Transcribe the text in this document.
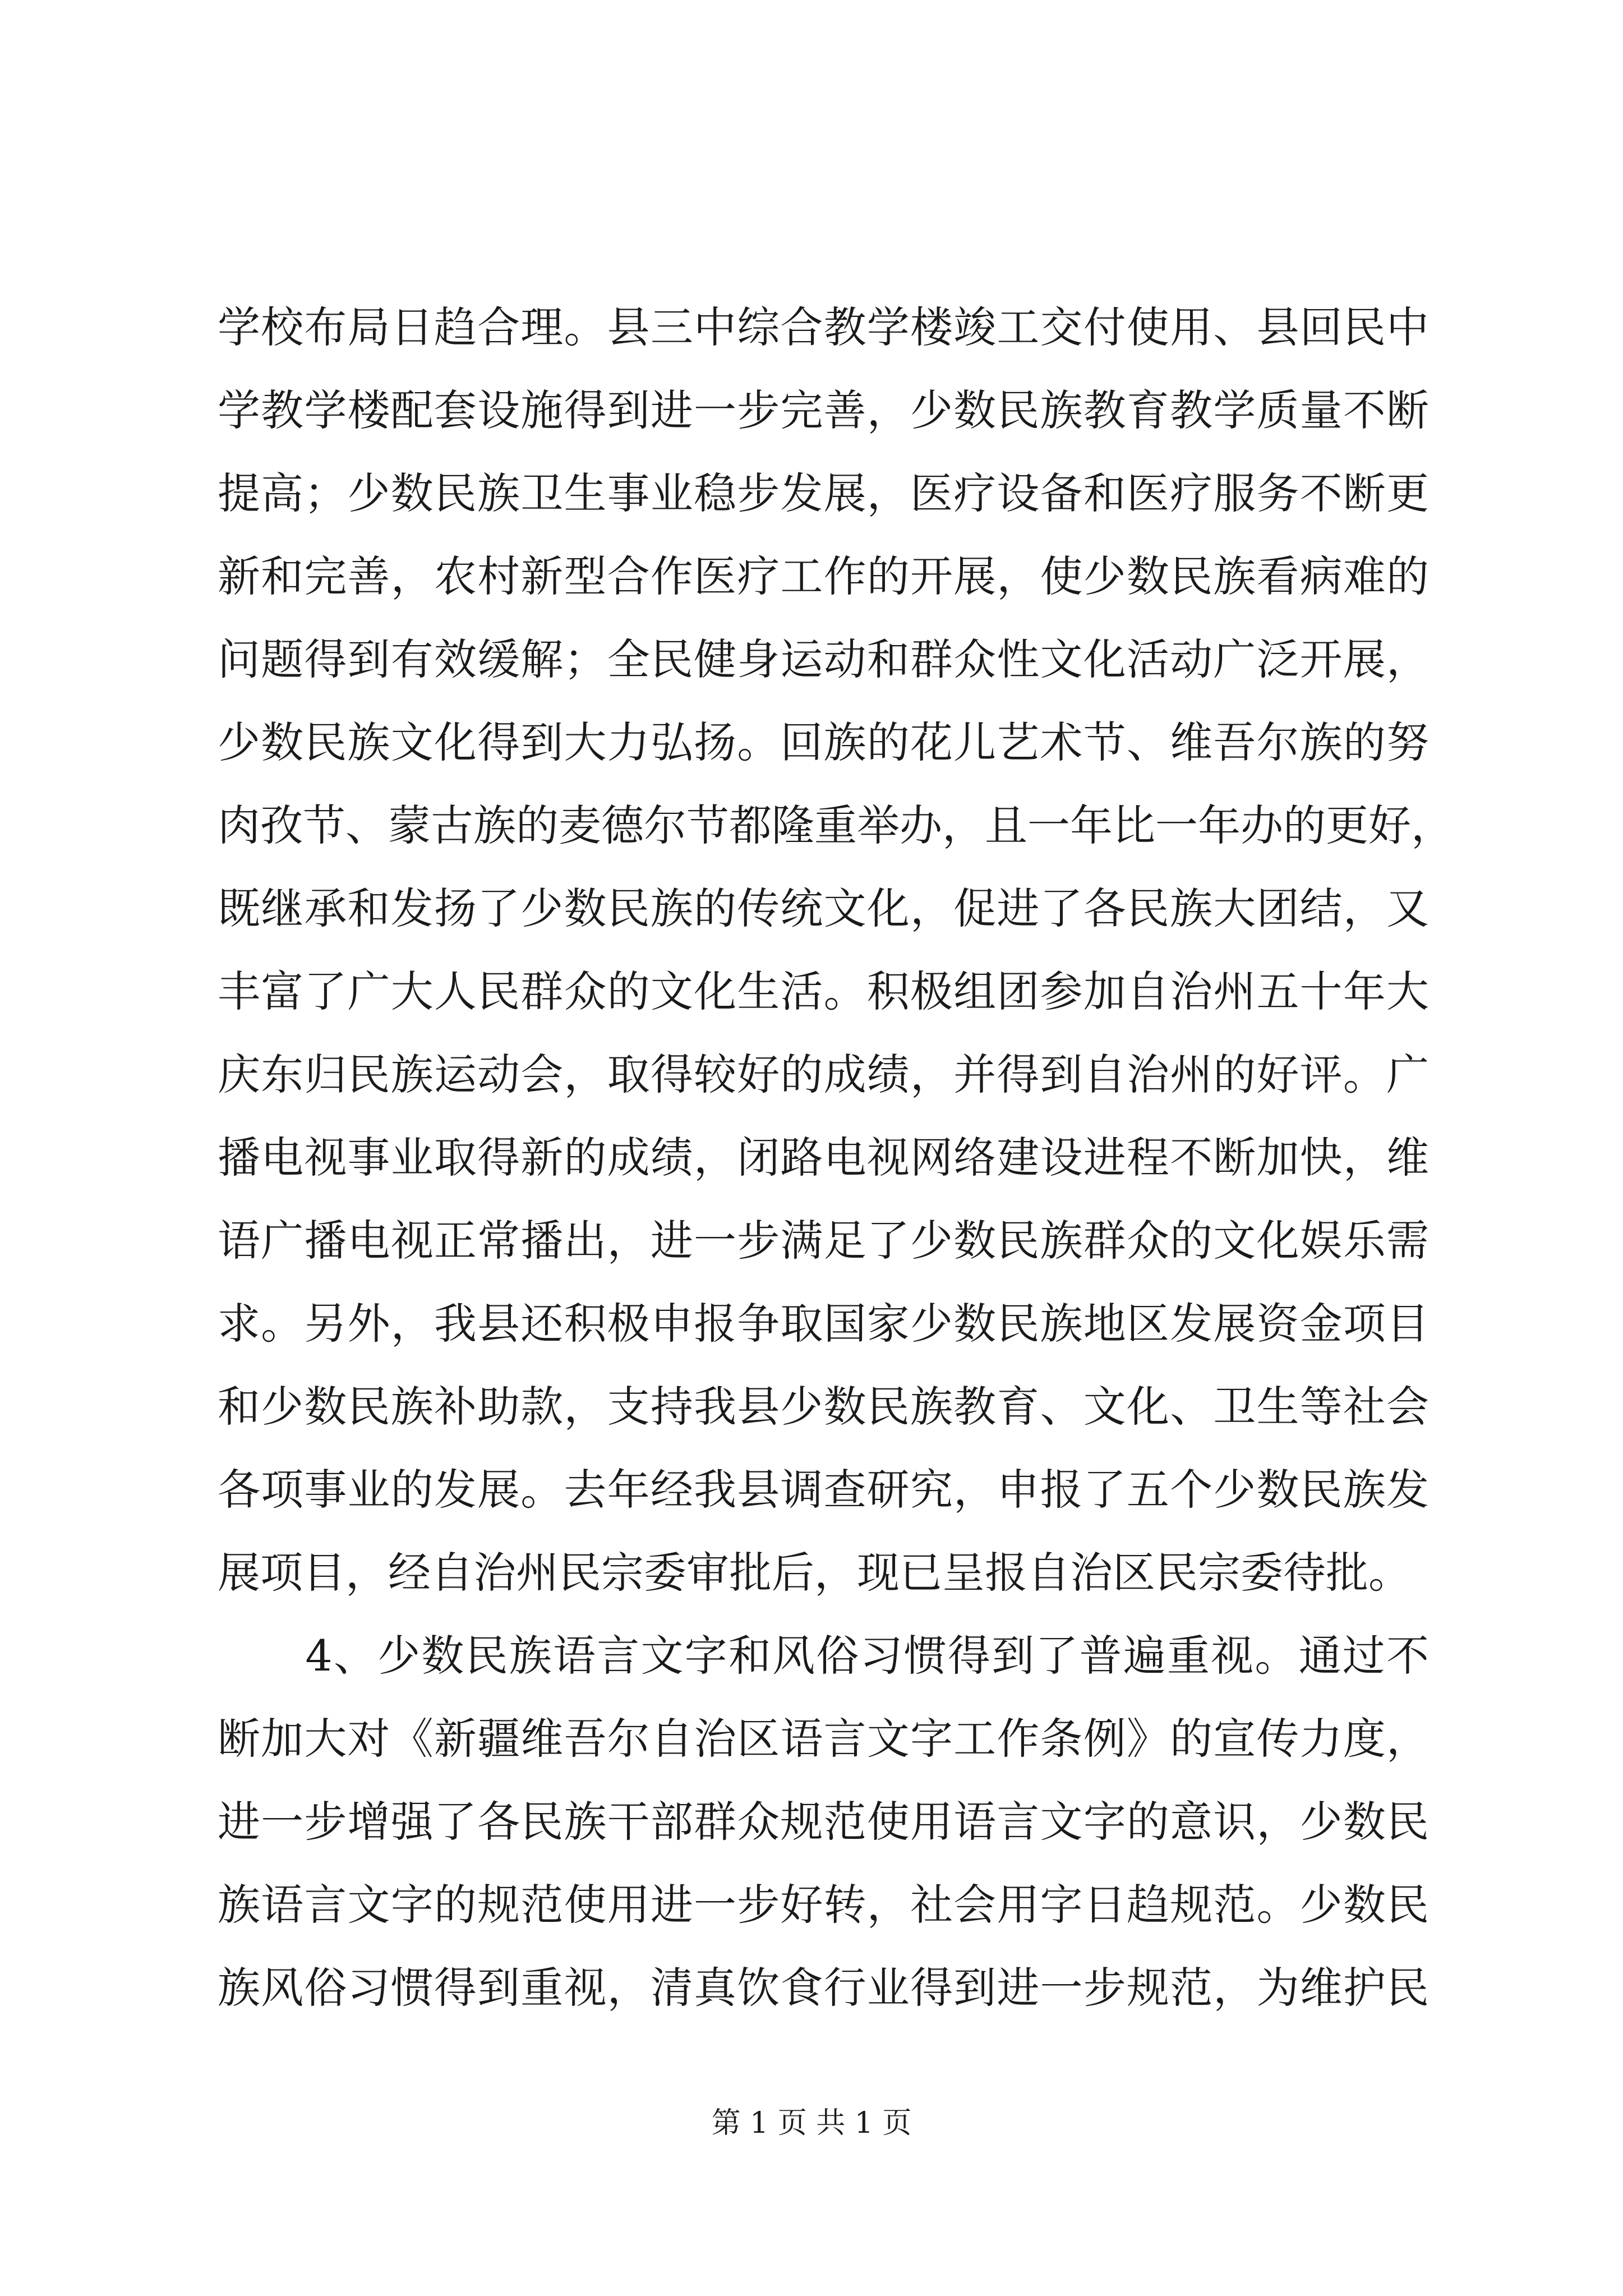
学校布局日趋合理。县三中综合教学楼竣工交付使用、县回民中
学教学楼配套设施得到进一步完善，少数民族教育教学质量不断
提高；少数民族卫生事业稳步发展，医疗设备和医疗服务不断更
新和完善，农村新型合作医疗工作的开展，使少数民族看病难的
问题得到有效缓解；全民健身运动和群众性文化活动广泛开展，
少数民族文化得到大力弘扬。回族的花儿艺术节、维吾尔族的努
肉孜节、蒙古族的麦德尔节都隆重举办，且一年比一年办的更好，
既继承和发扬了少数民族的传统文化，促进了各民族大团结，又
丰富了广大人民群众的文化生活。积极组团参加自治州五十年大
庆东归民族运动会，取得较好的成绩，并得到自治州的好评。广
播电视事业取得新的成绩，闭路电视网络建设进程不断加快，维
语广播电视正常播出，进一步满足了少数民族群众的文化娱乐需
求。另外，我县还积极申报争取国家少数民族地区发展资金项目
和少数民族补助款，支持我县少数民族教育、文化、卫生等社会
各项事业的发展。去年经我县调查研究，申报了五个少数民族发
展项目，经自治州民宗委审批后，现已呈报自治区民宗委待批。
　　4、少数民族语言文字和风俗习惯得到了普遍重视。通过不
断加大对《新疆维吾尔自治区语言文字工作条例》的宣传力度，
进一步增强了各民族干部群众规范使用语言文字的意识，少数民
族语言文字的规范使用进一步好转，社会用字日趋规范。少数民
族风俗习惯得到重视，清真饮食行业得到进一步规范，为维护民
第 1 页 共 1 页
